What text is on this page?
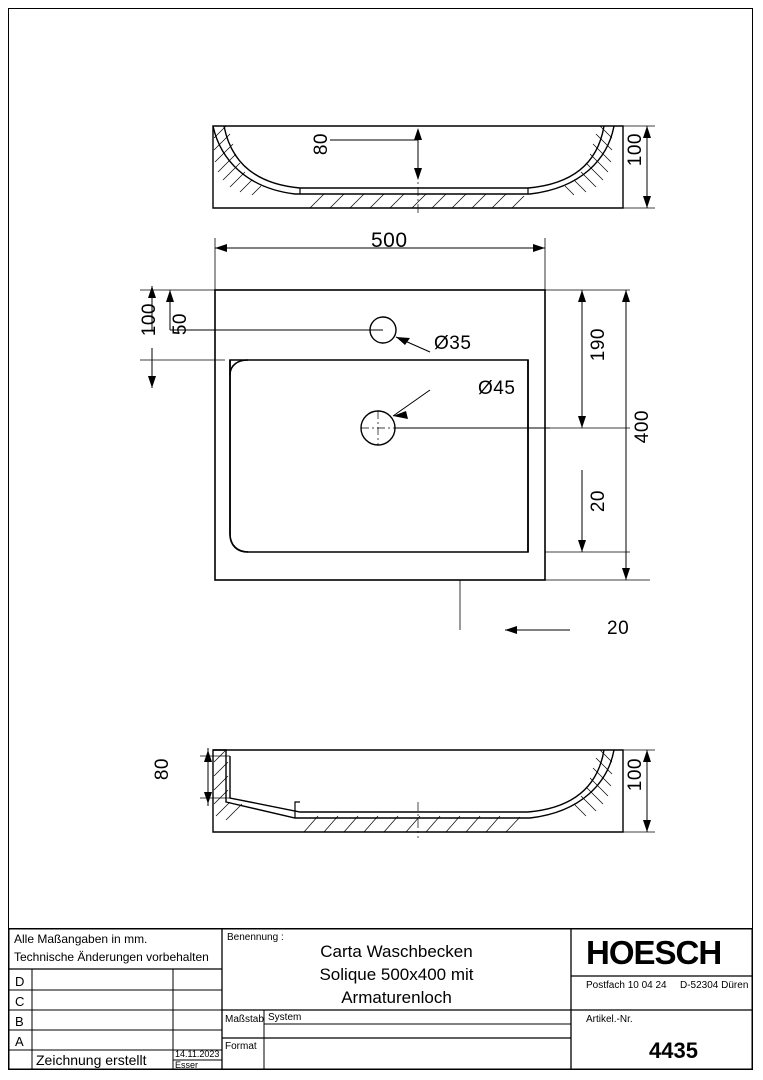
80	100
500
100 50
Ø35
Ø45
190
400
20
20
80	100
Alle Maßangaben in mm.
Technische Änderungen vorbehalten
D
C
B
A
Zeichnung erstellt	14.11.2023
Esser
Benennung :
Maßstab System
Format
Carta Waschbecken
Solique 500x400 mit
Armaturenloch
HOESCH
Postfach 10 04 24 D-52304 Düren
Artikel.-Nr.
4435
